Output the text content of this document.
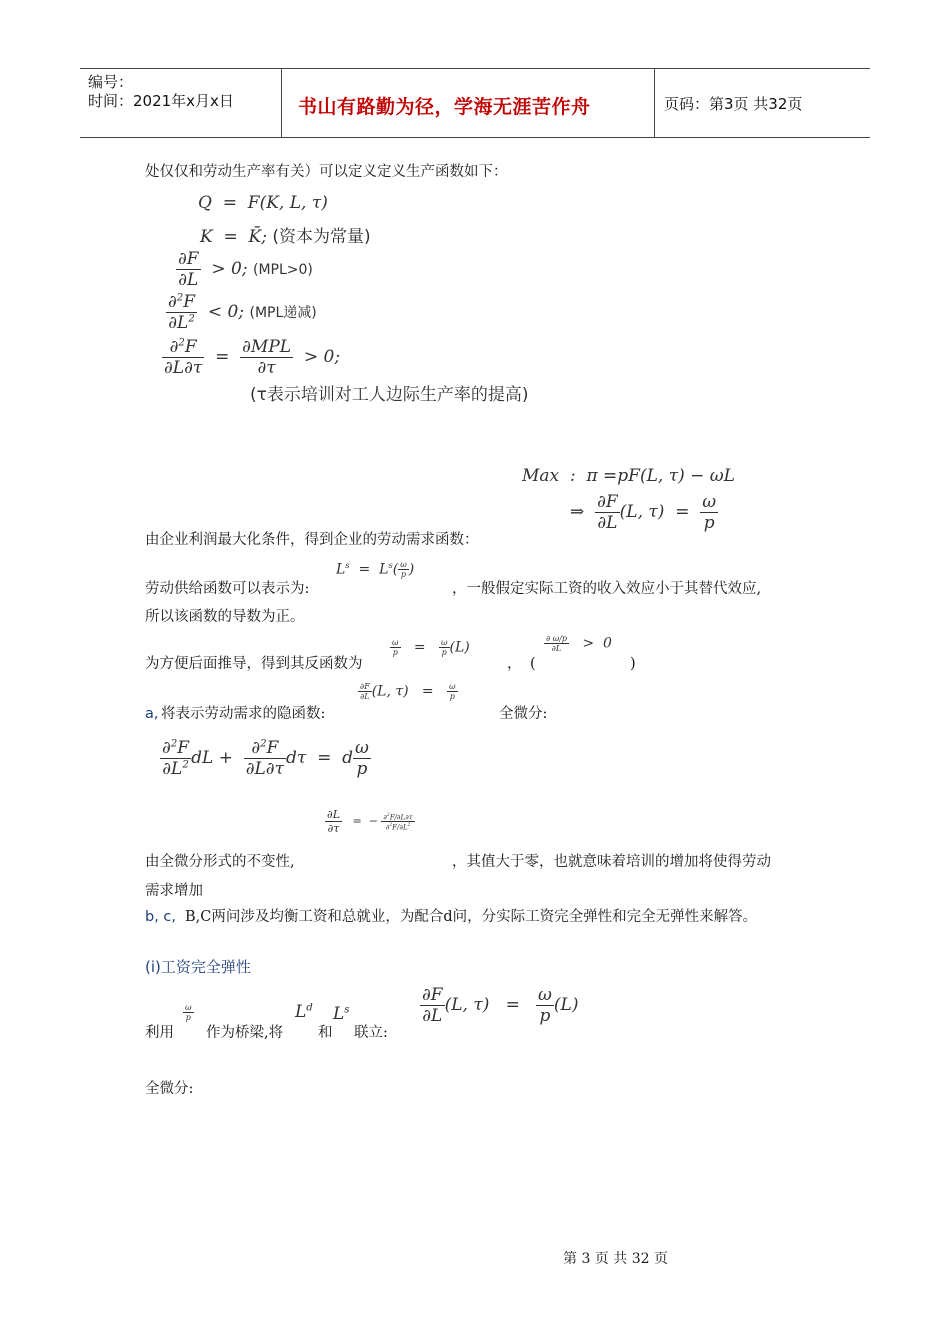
编号：
时间：2021年x月x日	书山有路勤为径，学海无涯苦作舟	页码：第3页 共32页
处仅仅和劳动生产率有关）可以定义定义生产函数如下：
Q  =  F(K, L, τ)
K  =  K̄; (资本为常量)
$\frac{\partial F}{\partial L} > 0$; (MPL>0)
$\frac{\partial^2F}{\partial L^2} < 0$; (MPL递减)
$\frac{\partial^2F}{\partial L\partial\tau} = \frac{\text{∂MPL}}{\partial\tau} > 0$;
(τ表示培训对工人边际生产率的提高)
Max  :  π =pF(L, τ) − ωL
⇒ $\frac{\partial F}{\partial L} (L$, $\tau) = \frac{\omega}{p}$
由企业利润最大化条件，得到企业的劳动需求函数：
$L^s = L^s( \frac{\omega}{p}$ )
劳动供给函数可以表示为:	，一般假定实际工资的收入效应小于其替代效应,
所以该函数的导数为正。
为方便后面推导，得到其反函数为
$\frac{\omega}{p} = \frac{\omega}{p} (L)$
， (
$\frac{\partial \omega/p}{\partial L} > 0$
)
a, 将表示劳动需求的隐函数:
$\frac{\partial F}{\partial L} (L$, $\tau) = \frac{\omega}{p}$
全微分:
$\frac{\partial^2F}{\partial L^2}$ dL + $\frac{\partial^2F}{\partial L\partial\tau}$ dτ  =  d $\frac{\omega}{p}$
$\frac{\partial L}{\partial\tau}$ =  − $\frac{\partial^2F/\partial L\partial\tau}{\partial^2F/\partial L^2}$
由全微分形式的不变性,	，其值大于零，也就意味着培训的增加将使得劳动
需求增加
b, c, B,C两问涉及均衡工资和总就业，为配合d问，分实际工资完全弹性和完全无弹性来解答。
(i)工资完全弹性
$\frac{\partial F}{\partial L} (L$, $\tau) = \frac{\omega}{p} (L)$
利用
$\frac{\omega}{p}$
作为桥梁,将
$L^d$
和
$L^s$
联立:
全微分:
第 3 页 共 32 页
